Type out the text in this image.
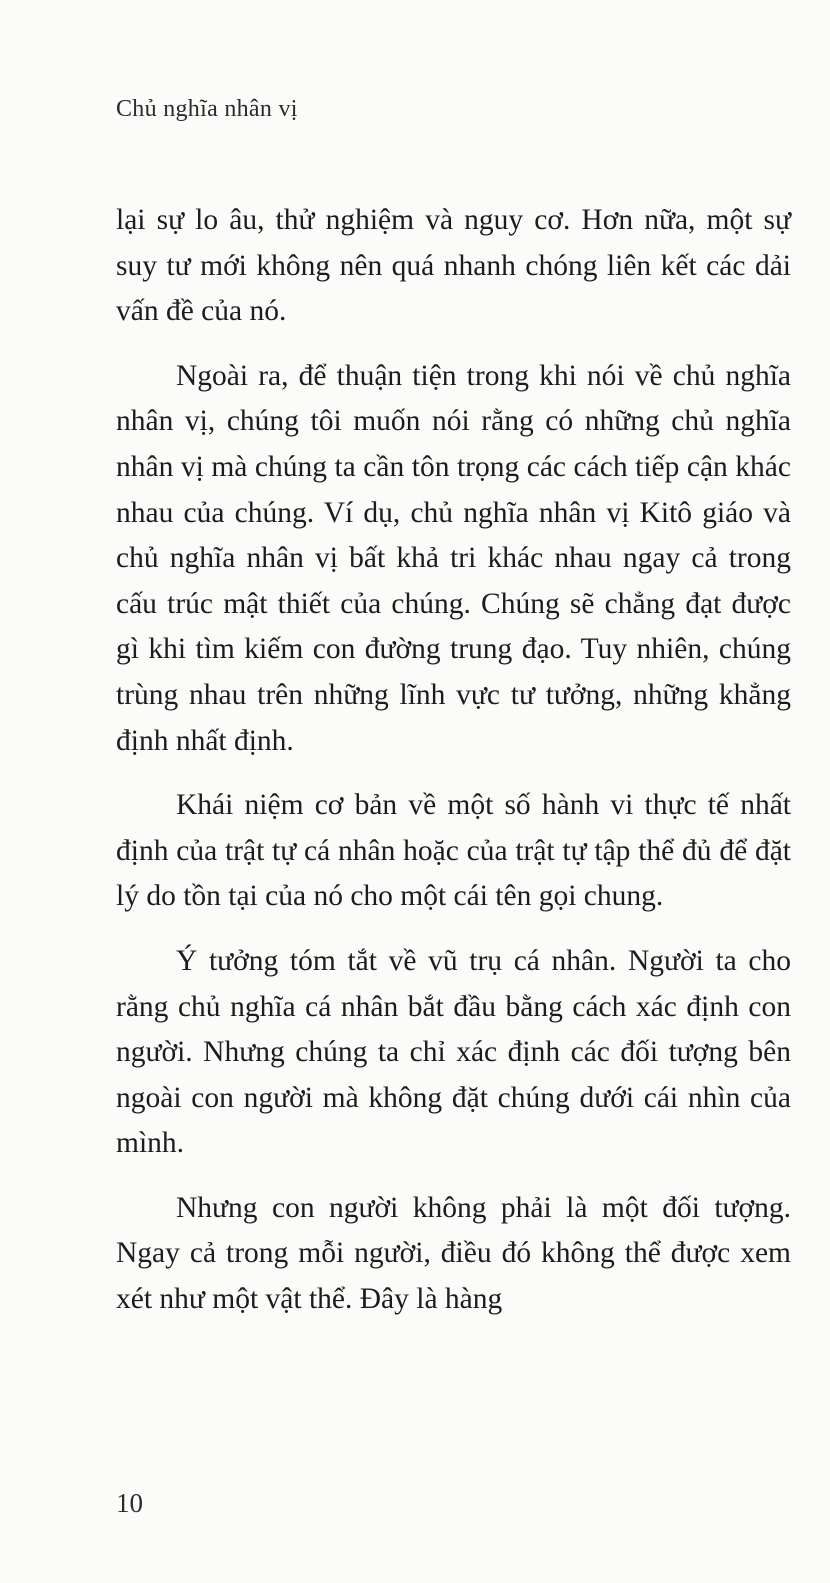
Chủ nghĩa nhân vị

lại sự lo âu, thử nghiệm và nguy cơ. Hơn nữa, một sự suy tư mới không nên quá nhanh chóng liên kết các dải vấn đề của nó.

Ngoài ra, để thuận tiện trong khi nói về chủ nghĩa nhân vị, chúng tôi muốn nói rằng có những chủ nghĩa nhân vị mà chúng ta cần tôn trọng các cách tiếp cận khác nhau của chúng. Ví dụ, chủ nghĩa nhân vị Kitô giáo và chủ nghĩa nhân vị bất khả tri khác nhau ngay cả trong cấu trúc mật thiết của chúng. Chúng sẽ chẳng đạt được gì khi tìm kiếm con đường trung đạo. Tuy nhiên, chúng trùng nhau trên những lĩnh vực tư tưởng, những khẳng định nhất định.

Khái niệm cơ bản về một số hành vi thực tế nhất định của trật tự cá nhân hoặc của trật tự tập thể đủ để đặt lý do tồn tại của nó cho một cái tên gọi chung.

Ý tưởng tóm tắt về vũ trụ cá nhân. Người ta cho rằng chủ nghĩa cá nhân bắt đầu bằng cách xác định con người. Nhưng chúng ta chỉ xác định các đối tượng bên ngoài con người mà không đặt chúng dưới cái nhìn của mình.

Nhưng con người không phải là một đối tượng. Ngay cả trong mỗi người, điều đó không thể được xem xét như một vật thể. Đây là hàng

10
